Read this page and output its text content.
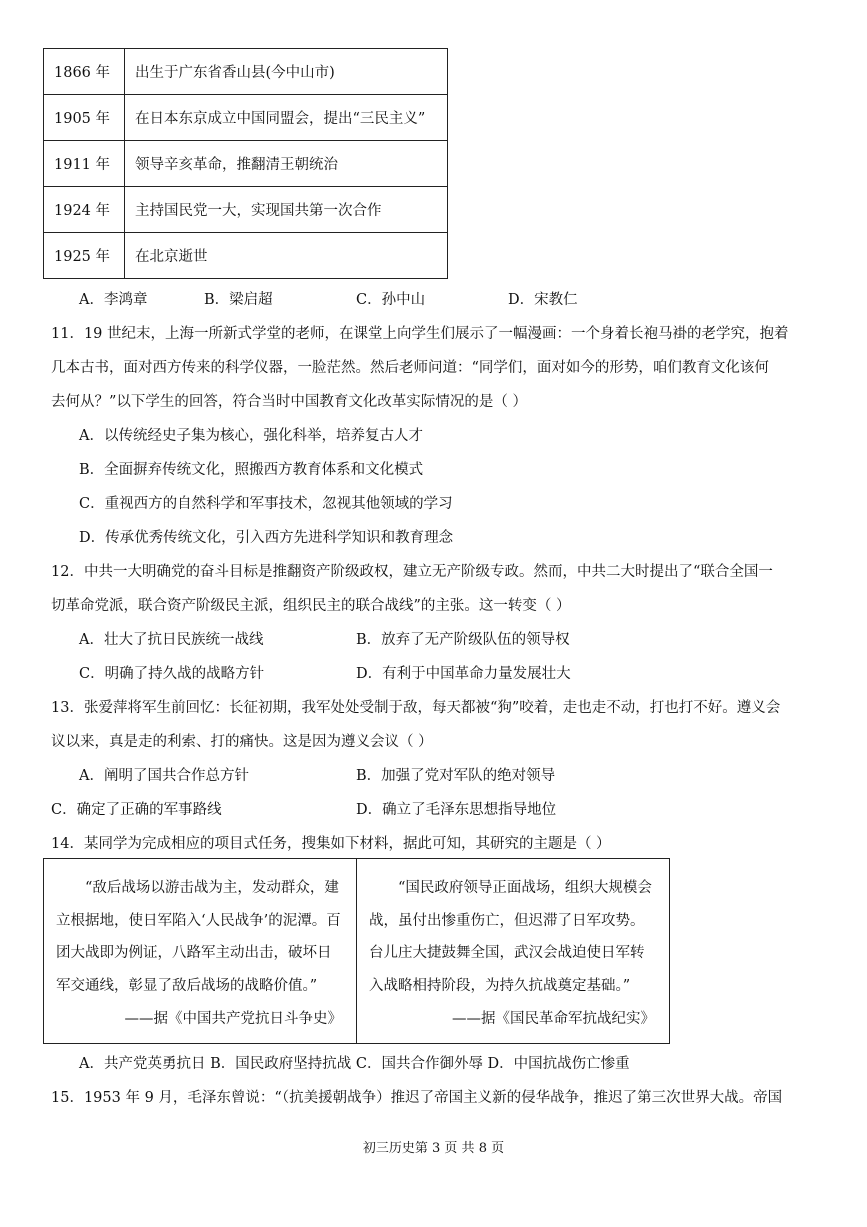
1866 年	出生于广东省香山县(今中山市)
1905 年	在日本东京成立中国同盟会，提出“三民主义”
1911 年	领导辛亥革命，推翻清王朝统治
1924 年	主持国民党一大，实现国共第一次合作
1925 年	在北京逝世
A．李鸿章	B．梁启超	C．孙中山	D．宋教仁
11．19 世纪末，上海一所新式学堂的老师，在课堂上向学生们展示了一幅漫画：一个身着长袍马褂的老学究，抱着
几本古书，面对西方传来的科学仪器，一脸茫然。然后老师问道：“同学们，面对如今的形势，咱们教育文化该何
去何从？”以下学生的回答，符合当时中国教育文化改革实际情况的是（ ）
A．以传统经史子集为核心，强化科举，培养复古人才
B．全面摒弃传统文化，照搬西方教育体系和文化模式
C．重视西方的自然科学和军事技术，忽视其他领域的学习
D．传承优秀传统文化，引入西方先进科学知识和教育理念
12．中共一大明确党的奋斗目标是推翻资产阶级政权，建立无产阶级专政。然而，中共二大时提出了“联合全国一
切革命党派，联合资产阶级民主派，组织民主的联合战线”的主张。这一转变（ ）
A．壮大了抗日民族统一战线	B．放弃了无产阶级队伍的领导权
C．明确了持久战的战略方针	D．有利于中国革命力量发展壮大
13．张爱萍将军生前回忆：长征初期，我军处处受制于敌，每天都被“狗”咬着，走也走不动，打也打不好。遵义会
议以来，真是走的利索、打的痛快。这是因为遵义会议（ ）
A．阐明了国共合作总方针	B．加强了党对军队的绝对领导
C．确定了正确的军事路线	D．确立了毛泽东思想指导地位
14．某同学为完成相应的项目式任务，搜集如下材料，据此可知，其研究的主题是（ ）
“敌后战场以游击战为主，发动群众，建立根据地，使日军陷入‘人民战争’的泥潭。百团大战即为例证，八路军主动出击，破坏日军交通线，彰显了敌后战场的战略价值。”
——据《中国共产党抗日斗争史》
“国民政府领导正面战场，组织大规模会战，虽付出惨重伤亡，但迟滞了日军攻势。台儿庄大捷鼓舞全国，武汉会战迫使日军转入战略相持阶段，为持久抗战奠定基础。”
——据《国民革命军抗战纪实》
A．共产党英勇抗日 B．国民政府坚持抗战 C．国共合作御外辱 D．中国抗战伤亡惨重
15．1953 年 9 月，毛泽东曾说：“（抗美援朝战争）推迟了帝国主义新的侵华战争，推迟了第三次世界大战。帝国
初三历史第 3 页 共 8 页
